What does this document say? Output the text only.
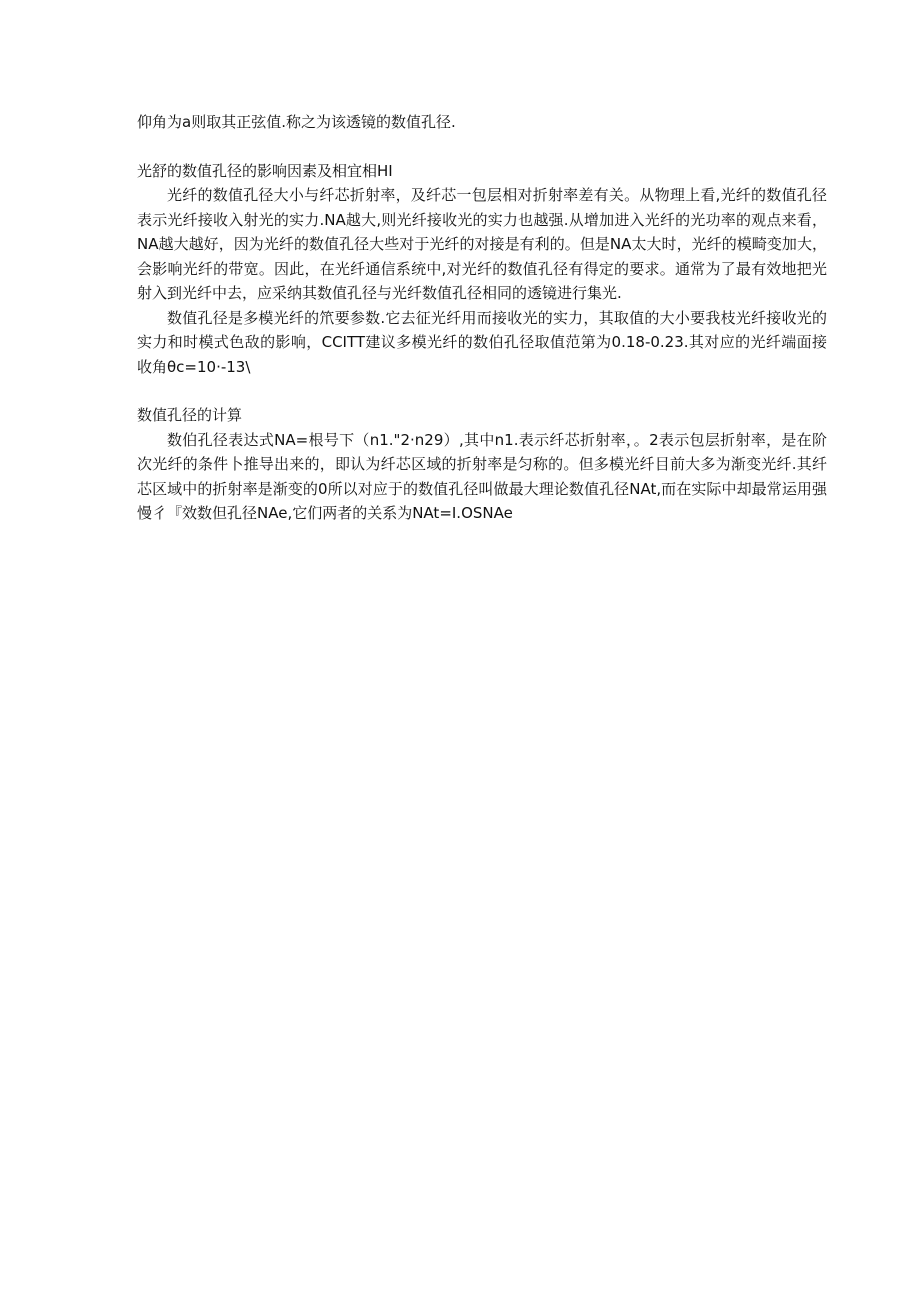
仰角为a则取其正弦值.称之为该透镜的数值孔径.

光舒的数值孔径的影响因素及相宜相HI

光纤的数值孔径大小与纤芯折射率，及纤芯一包层相对折射率差有关。从物理上看,光纤的数值孔径表示光纤接收入射光的实力.NA越大,则光纤接收光的实力也越强.从增加进入光纤的光功率的观点来看，NA越大越好，因为光纤的数值孔径大些对于光纤的对接是有利的。但是NA太大时，光纤的模畸变加大，会影响光纤的带宽。因此，在光纤通信系统中,对光纤的数值孔径有得定的要求。通常为了最有效地把光射入到光纤中去，应采纳其数值孔径与光纤数值孔径相同的透镜进行集光.

数值孔径是多模光纤的笊要参数.它去征光纤用而接收光的实力，其取值的大小要我枝光纤接收光的实力和时模式色敌的影响，CCITT建议多模光纤的数伯孔径取值范第为0.18-0.23.其对应的光纤端面接收角θc=10·-13\

数值孔径的计算

数伯孔径表达式NA=根号下（n1."2·n29）,其中n1.表示纤芯折射率，。2表示包层折射率，是在阶次光纤的条件卜推导出来的，即认为纤芯区域的折射率是匀称的。但多模光纤目前大多为渐变光纤.其纤芯区域中的折射率是渐变的0所以对应于的数值孔径叫做最大理论数值孔径NAt,而在实际中却最常运用强慢彳『效数但孔径NAe,它们两者的关系为NAt=I.OSNAe
